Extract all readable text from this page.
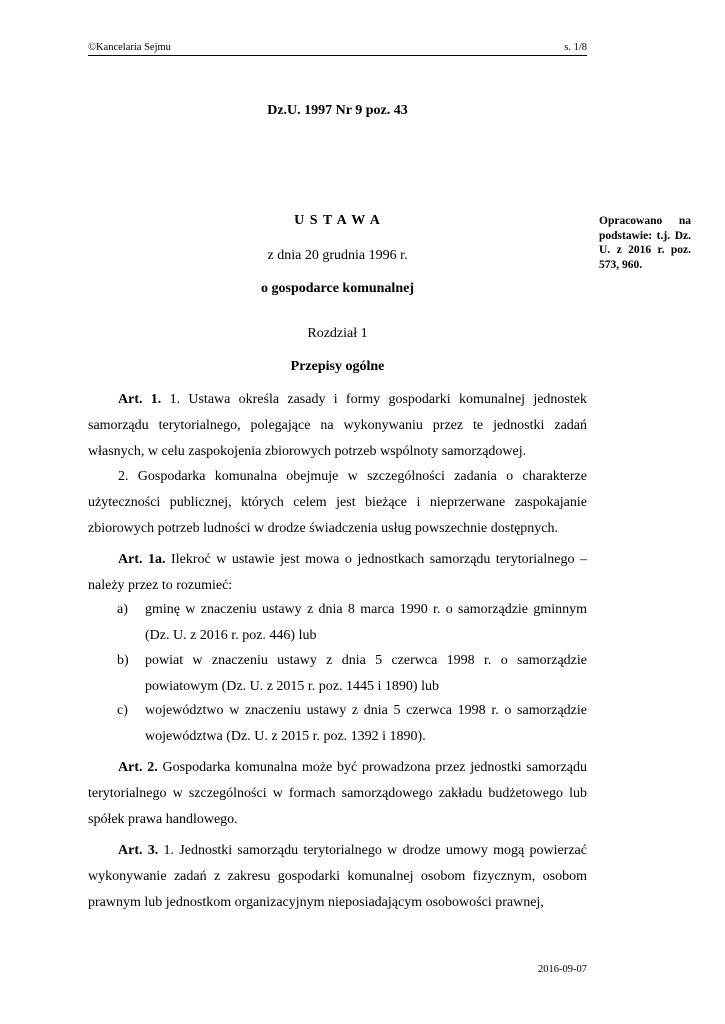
©Kancelaria Sejmu	s. 1/8
Dz.U. 1997 Nr 9 poz. 43
U S T A W A
z dnia 20 grudnia 1996 r.
o gospodarce komunalnej
Opracowano na podstawie: t.j. Dz. U. z 2016 r. poz. 573, 960.
Rozdział 1
Przepisy ogólne
Art. 1. 1. Ustawa określa zasady i formy gospodarki komunalnej jednostek samorządu terytorialnego, polegające na wykonywaniu przez te jednostki zadań własnych, w celu zaspokojenia zbiorowych potrzeb wspólnoty samorządowej.
2. Gospodarka komunalna obejmuje w szczególności zadania o charakterze użyteczności publicznej, których celem jest bieżące i nieprzerwane zaspokajanie zbiorowych potrzeb ludności w drodze świadczenia usług powszechnie dostępnych.
Art. 1a. Ilekroć w ustawie jest mowa o jednostkach samorządu terytorialnego – należy przez to rozumieć:
a) gminę w znaczeniu ustawy z dnia 8 marca 1990 r. o samorządzie gminnym (Dz. U. z 2016 r. poz. 446) lub
b) powiat w znaczeniu ustawy z dnia 5 czerwca 1998 r. o samorządzie powiatowym (Dz. U. z 2015 r. poz. 1445 i 1890) lub
c) województwo w znaczeniu ustawy z dnia 5 czerwca 1998 r. o samorządzie województwa (Dz. U. z 2015 r. poz. 1392 i 1890).
Art. 2. Gospodarka komunalna może być prowadzona przez jednostki samorządu terytorialnego w szczególności w formach samorządowego zakładu budżetowego lub spółek prawa handlowego.
Art. 3. 1. Jednostki samorządu terytorialnego w drodze umowy mogą powierzać wykonywanie zadań z zakresu gospodarki komunalnej osobom fizycznym, osobom prawnym lub jednostkom organizacyjnym nieposiadającym osobowości prawnej,
2016-09-07
